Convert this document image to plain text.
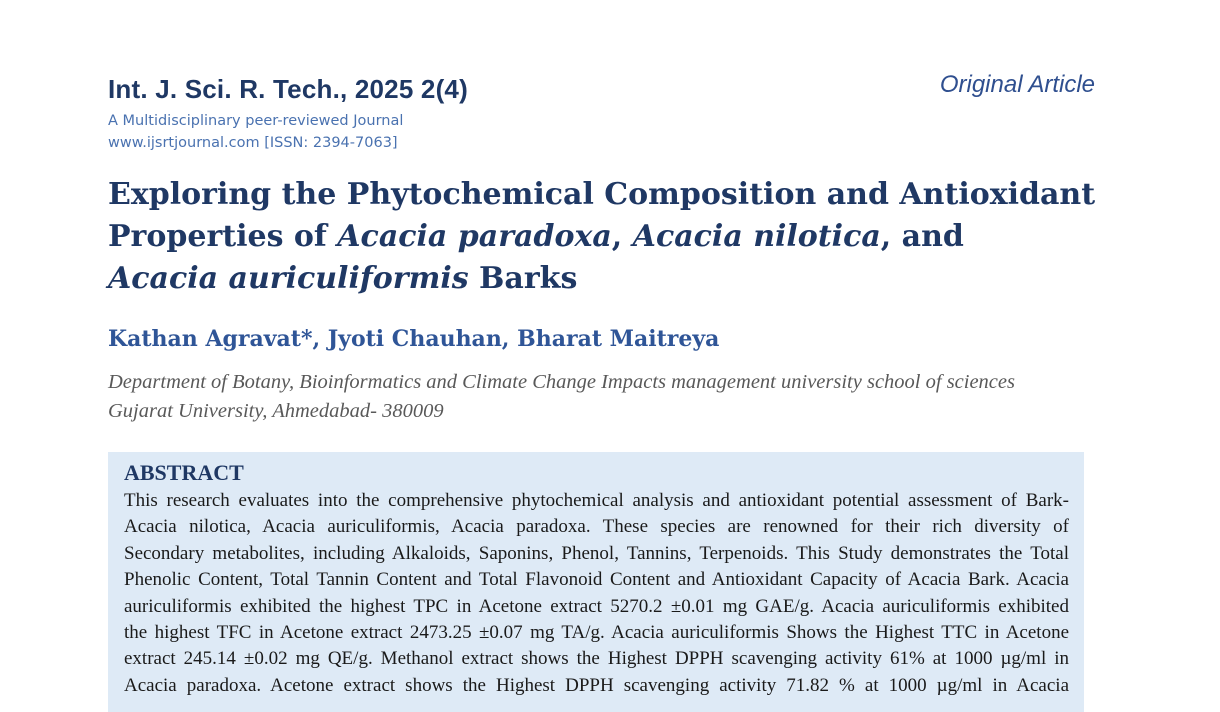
Int. J. Sci. R. Tech., 2025 2(4)	Original Article
A Multidisciplinary peer-reviewed Journal
www.ijsrtjournal.com [ISSN: 2394-7063]
Exploring the Phytochemical Composition and Antioxidant
Properties of Acacia paradoxa, Acacia nilotica, and
Acacia auriculiformis Barks
Kathan Agravat*, Jyoti Chauhan, Bharat Maitreya
Department of Botany, Bioinformatics and Climate Change Impacts management university school of sciences
Gujarat University, Ahmedabad- 380009
ABSTRACT
This research evaluates into the comprehensive phytochemical analysis and antioxidant potential assessment of Bark-
Acacia nilotica, Acacia auriculiformis, Acacia paradoxa. These species are renowned for their rich diversity of
Secondary metabolites, including Alkaloids, Saponins, Phenol, Tannins, Terpenoids. This Study demonstrates the Total
Phenolic Content, Total Tannin Content and Total Flavonoid Content and Antioxidant Capacity of Acacia Bark. Acacia
auriculiformis exhibited the highest TPC in Acetone extract 5270.2 ±0.01 mg GAE/g. Acacia auriculiformis exhibited
the highest TFC in Acetone extract 2473.25 ±0.07 mg TA/g. Acacia auriculiformis Shows the Highest TTC in Acetone
extract 245.14 ±0.02 mg QE/g. Methanol extract shows the Highest DPPH scavenging activity 61% at 1000 µg/ml in
Acacia paradoxa. Acetone extract shows the Highest DPPH scavenging activity 71.82 % at 1000 µg/ml in Acacia
